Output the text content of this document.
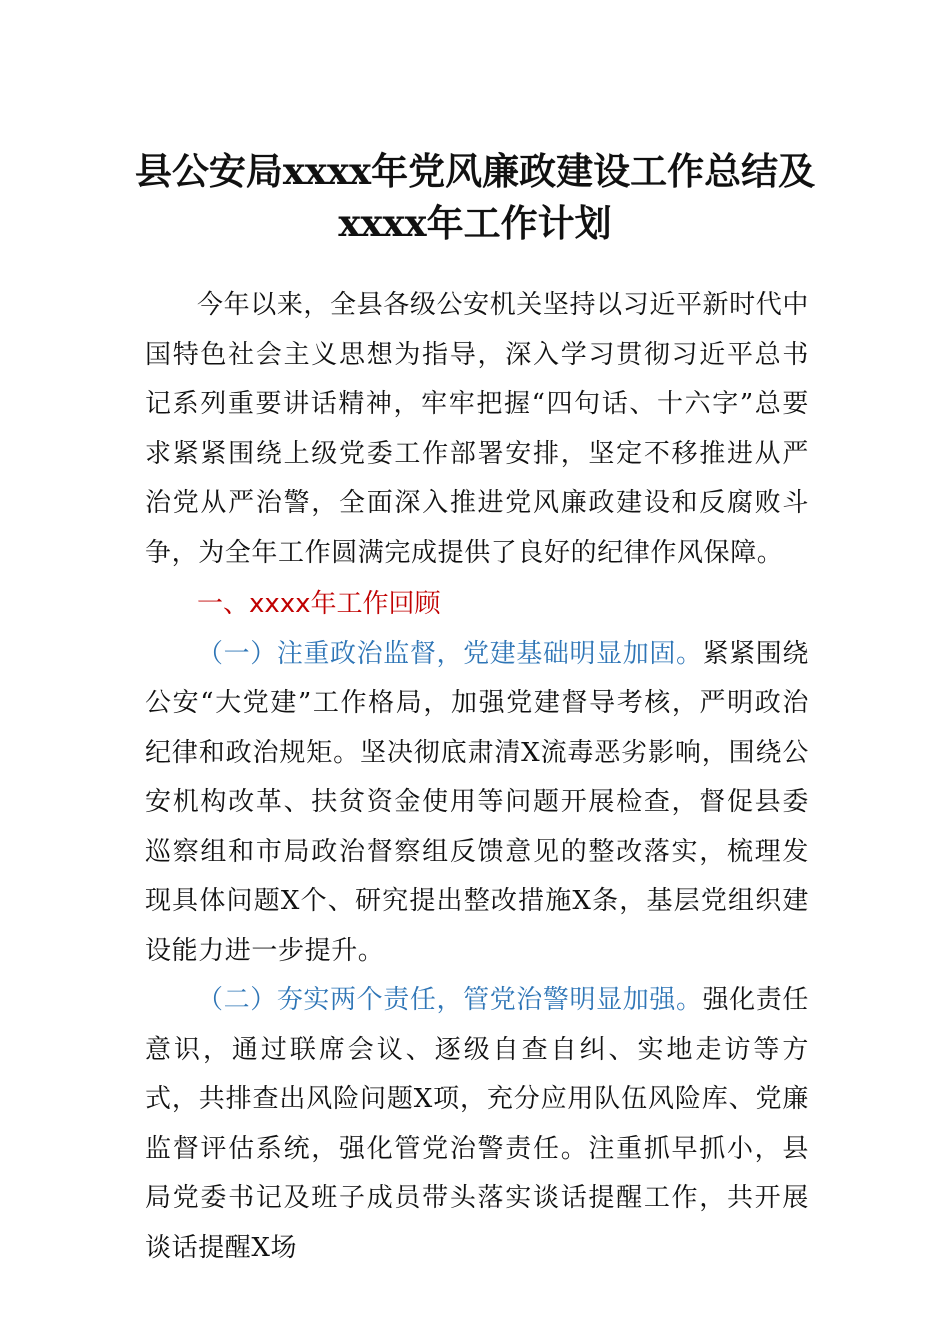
县公安局xxxx年党风廉政建设工作总结及
xxxx年工作计划

今年以来，全县各级公安机关坚持以习近平新时代中国特色社会主义思想为指导，深入学习贯彻习近平总书记系列重要讲话精神，牢牢把握“四句话、十六字”总要求紧紧围绕上级党委工作部署安排，坚定不移推进从严治党从严治警，全面深入推进党风廉政建设和反腐败斗争，为全年工作圆满完成提供了良好的纪律作风保障。

一、xxxx年工作回顾

（一）注重政治监督，党建基础明显加固。紧紧围绕公安“大党建”工作格局，加强党建督导考核，严明政治纪律和政治规矩。坚决彻底肃清X流毒恶劣影响，围绕公安机构改革、扶贫资金使用等问题开展检查，督促县委巡察组和市局政治督察组反馈意见的整改落实，梳理发现具体问题X个、研究提出整改措施X条，基层党组织建设能力进一步提升。

（二）夯实两个责任，管党治警明显加强。强化责任意识，通过联席会议、逐级自查自纠、实地走访等方式，共排查出风险问题X项，充分应用队伍风险库、党廉监督评估系统，强化管党治警责任。注重抓早抓小，县局党委书记及班子成员带头落实谈话提醒工作，共开展谈话提醒X场
